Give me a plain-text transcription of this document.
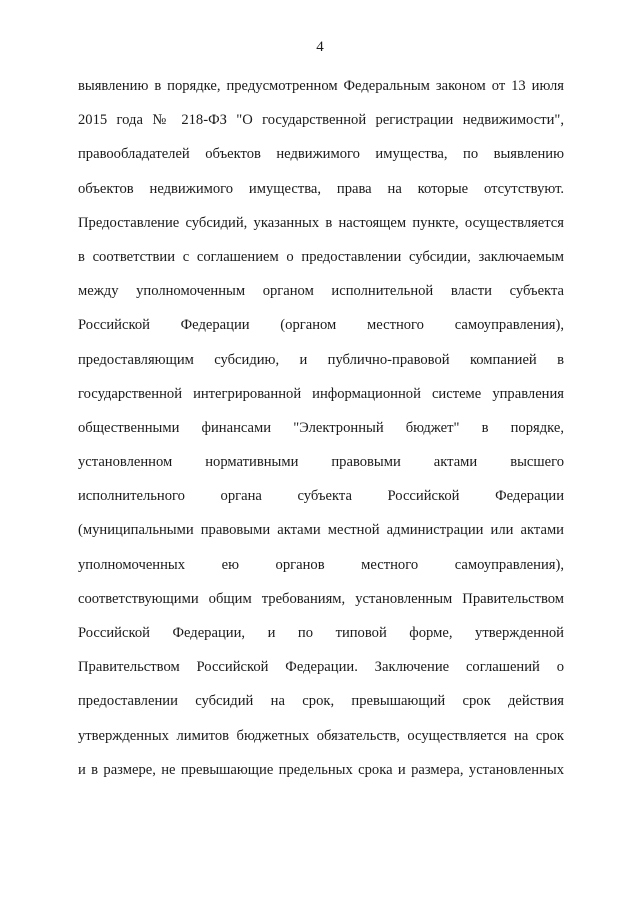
4
выявлению в порядке, предусмотренном Федеральным законом от 13 июля
2015 года № 218-ФЗ "О государственной регистрации недвижимости",
правообладателей объектов недвижимого имущества, по выявлению
объектов недвижимого имущества, права на которые отсутствуют.
Предоставление субсидий, указанных в настоящем пункте, осуществляется
в соответствии с соглашением о предоставлении субсидии, заключаемым
между уполномоченным органом исполнительной власти субъекта
Российской Федерации (органом местного самоуправления),
предоставляющим субсидию, и публично-правовой компанией в
государственной интегрированной информационной системе управления
общественными финансами "Электронный бюджет" в порядке,
установленном нормативными правовыми актами высшего
исполнительного органа субъекта Российской Федерации
(муниципальными правовыми актами местной администрации или актами
уполномоченных ею органов местного самоуправления),
соответствующими общим требованиям, установленным Правительством
Российской Федерации, и по типовой форме, утвержденной
Правительством Российской Федерации. Заключение соглашений о
предоставлении субсидий на срок, превышающий срок действия
утвержденных лимитов бюджетных обязательств, осуществляется на срок
и в размере, не превышающие предельных срока и размера, установленных
